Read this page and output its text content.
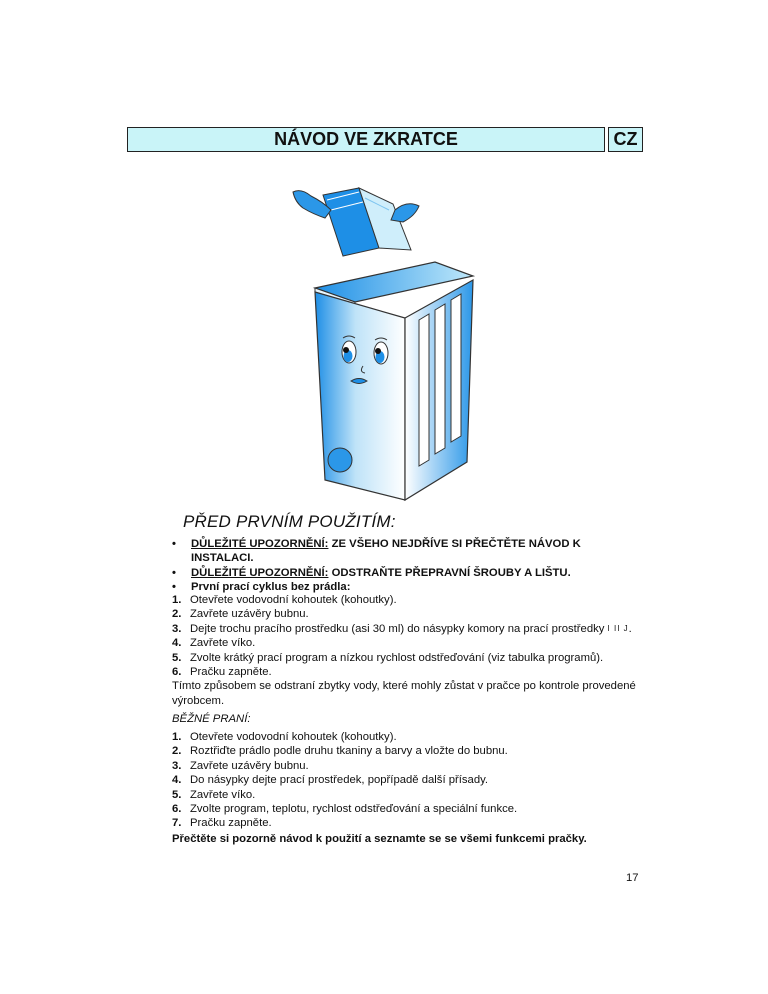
NÁVOD VE ZKRATCE	CZ
PŘED PRVNÍM POUŽITÍM:
•	DŮLEŽITÉ UPOZORNĚNÍ: ZE VŠEHO NEJDŘÍVE SI PŘEČTĚTE NÁVOD K
INSTALACI.
•	DŮLEŽITÉ UPOZORNĚNÍ: ODSTRAŇTE PŘEPRAVNÍ ŠROUBY A LIŠTU.
•	První prací cyklus bez prádla:
1. Otevřete vodovodní kohoutek (kohoutky).
2. Zavřete uzávěry bubnu.
3. Dejte trochu pracího prostředku (asi 30 ml) do násypky komory na prací prostředky I II J.
4. Zavřete víko.
5. Zvolte krátký prací program a nízkou rychlost odstřeďování (viz tabulka programů).
6. Pračku zapněte.
Tímto způsobem se odstraní zbytky vody, které mohly zůstat v pračce po kontrole provedené výrobcem.
BĚŽNÉ PRANÍ:
1. Otevřete vodovodní kohoutek (kohoutky).
2. Roztřiďte prádlo podle druhu tkaniny a barvy a vložte do bubnu.
3. Zavřete uzávěry bubnu.
4. Do násypky dejte prací prostředek, popřípadě další přísady.
5. Zavřete víko.
6. Zvolte program, teplotu, rychlost odstřeďování a speciální funkce.
7. Pračku zapněte.
Přečtěte si pozorně návod k použití a seznamte se se všemi funkcemi pračky.
17
